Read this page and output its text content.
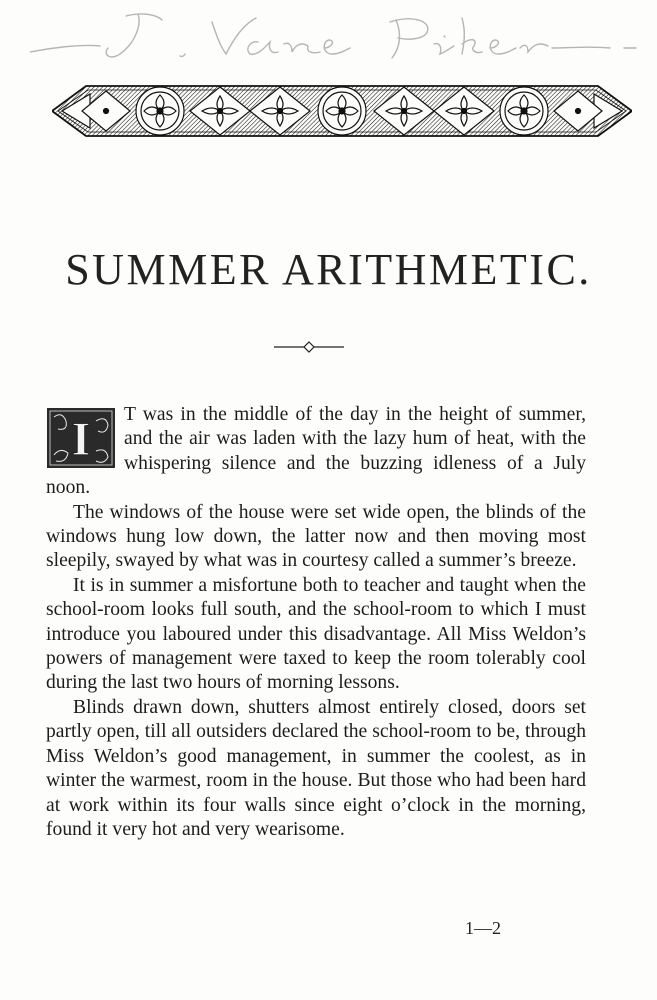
SUMMER ARITHMETIC.
I	T was in the middle of the day in the height of summer, and the air was laden with the lazy hum of heat, with the whispering silence and the buzzing idleness of a July noon.

The windows of the house were set wide open, the blinds of the windows hung low down, the latter now and then moving most sleepily, swayed by what was in courtesy called a summer’s breeze.

It is in summer a misfortune both to teacher and taught when the school-room looks full south, and the school-room to which I must introduce you laboured under this disadvantage. All Miss Weldon’s powers of management were taxed to keep the room tolerably cool during the last two hours of morning lessons.

Blinds drawn down, shutters almost entirely closed, doors set partly open, till all outsiders declared the school-room to be, through Miss Weldon’s good management, in summer the coolest, as in winter the warmest, room in the house. But those who had been hard at work within its four walls since eight o’clock in the morning, found it very hot and very wearisome.

1—2
